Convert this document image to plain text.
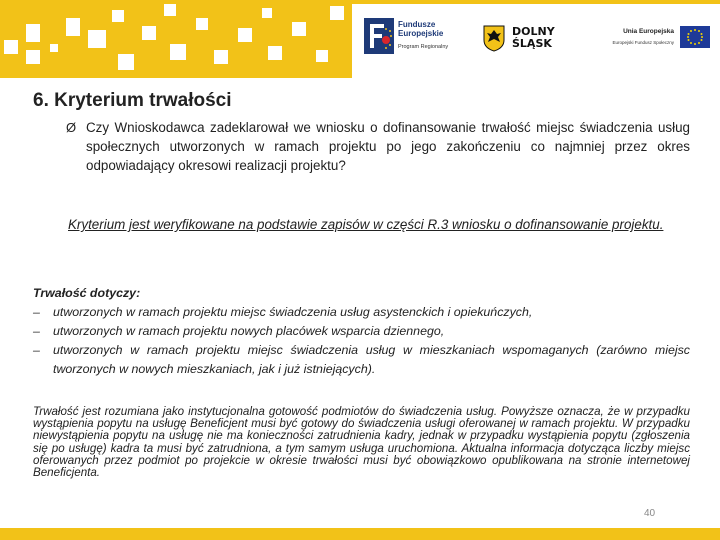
Fundusze
Europejskie
Program Regionalny
DOLNY
ŚLĄSK
Unia Europejska
Europejski Fundusz Społeczny
6. Kryterium trwałości
Ø Czy Wnioskodawca zadeklarował we wniosku o dofinansowanie trwałość miejsc świadczenia usług społecznych utworzonych w ramach projektu po jego zakończeniu co najmniej przez okres odpowiadający okresowi realizacji projektu?
Kryterium jest weryfikowane na podstawie zapisów w części R.3 wniosku o dofinansowanie projektu.
Trwałość dotyczy:
–	utworzonych w ramach projektu miejsc świadczenia usług asystenckich i opiekuńczych,
–	utworzonych w ramach projektu nowych placówek wsparcia dziennego,
–	utworzonych w ramach projektu miejsc świadczenia usług w mieszkaniach wspomaganych (zarówno miejsc tworzonych w nowych mieszkaniach, jak i już istniejących).
Trwałość jest rozumiana jako instytucjonalna gotowość podmiotów do świadczenia usług. Powyższe oznacza, że w przypadku wystąpienia popytu na usługę Beneficjent musi być gotowy do świadczenia usługi oferowanej w ramach projektu. W przypadku niewystąpienia popytu na usługę nie ma konieczności zatrudnienia kadry, jednak w przypadku wystąpienia popytu (zgłoszenia się po usługę) kadra ta musi być zatrudniona, a tym samym usługa uruchomiona. Aktualna informacja dotycząca liczby miejsc oferowanych przez podmiot po projekcie w okresie trwałości musi być obowiązkowo opublikowana na stronie internetowej Beneficjenta.
40
